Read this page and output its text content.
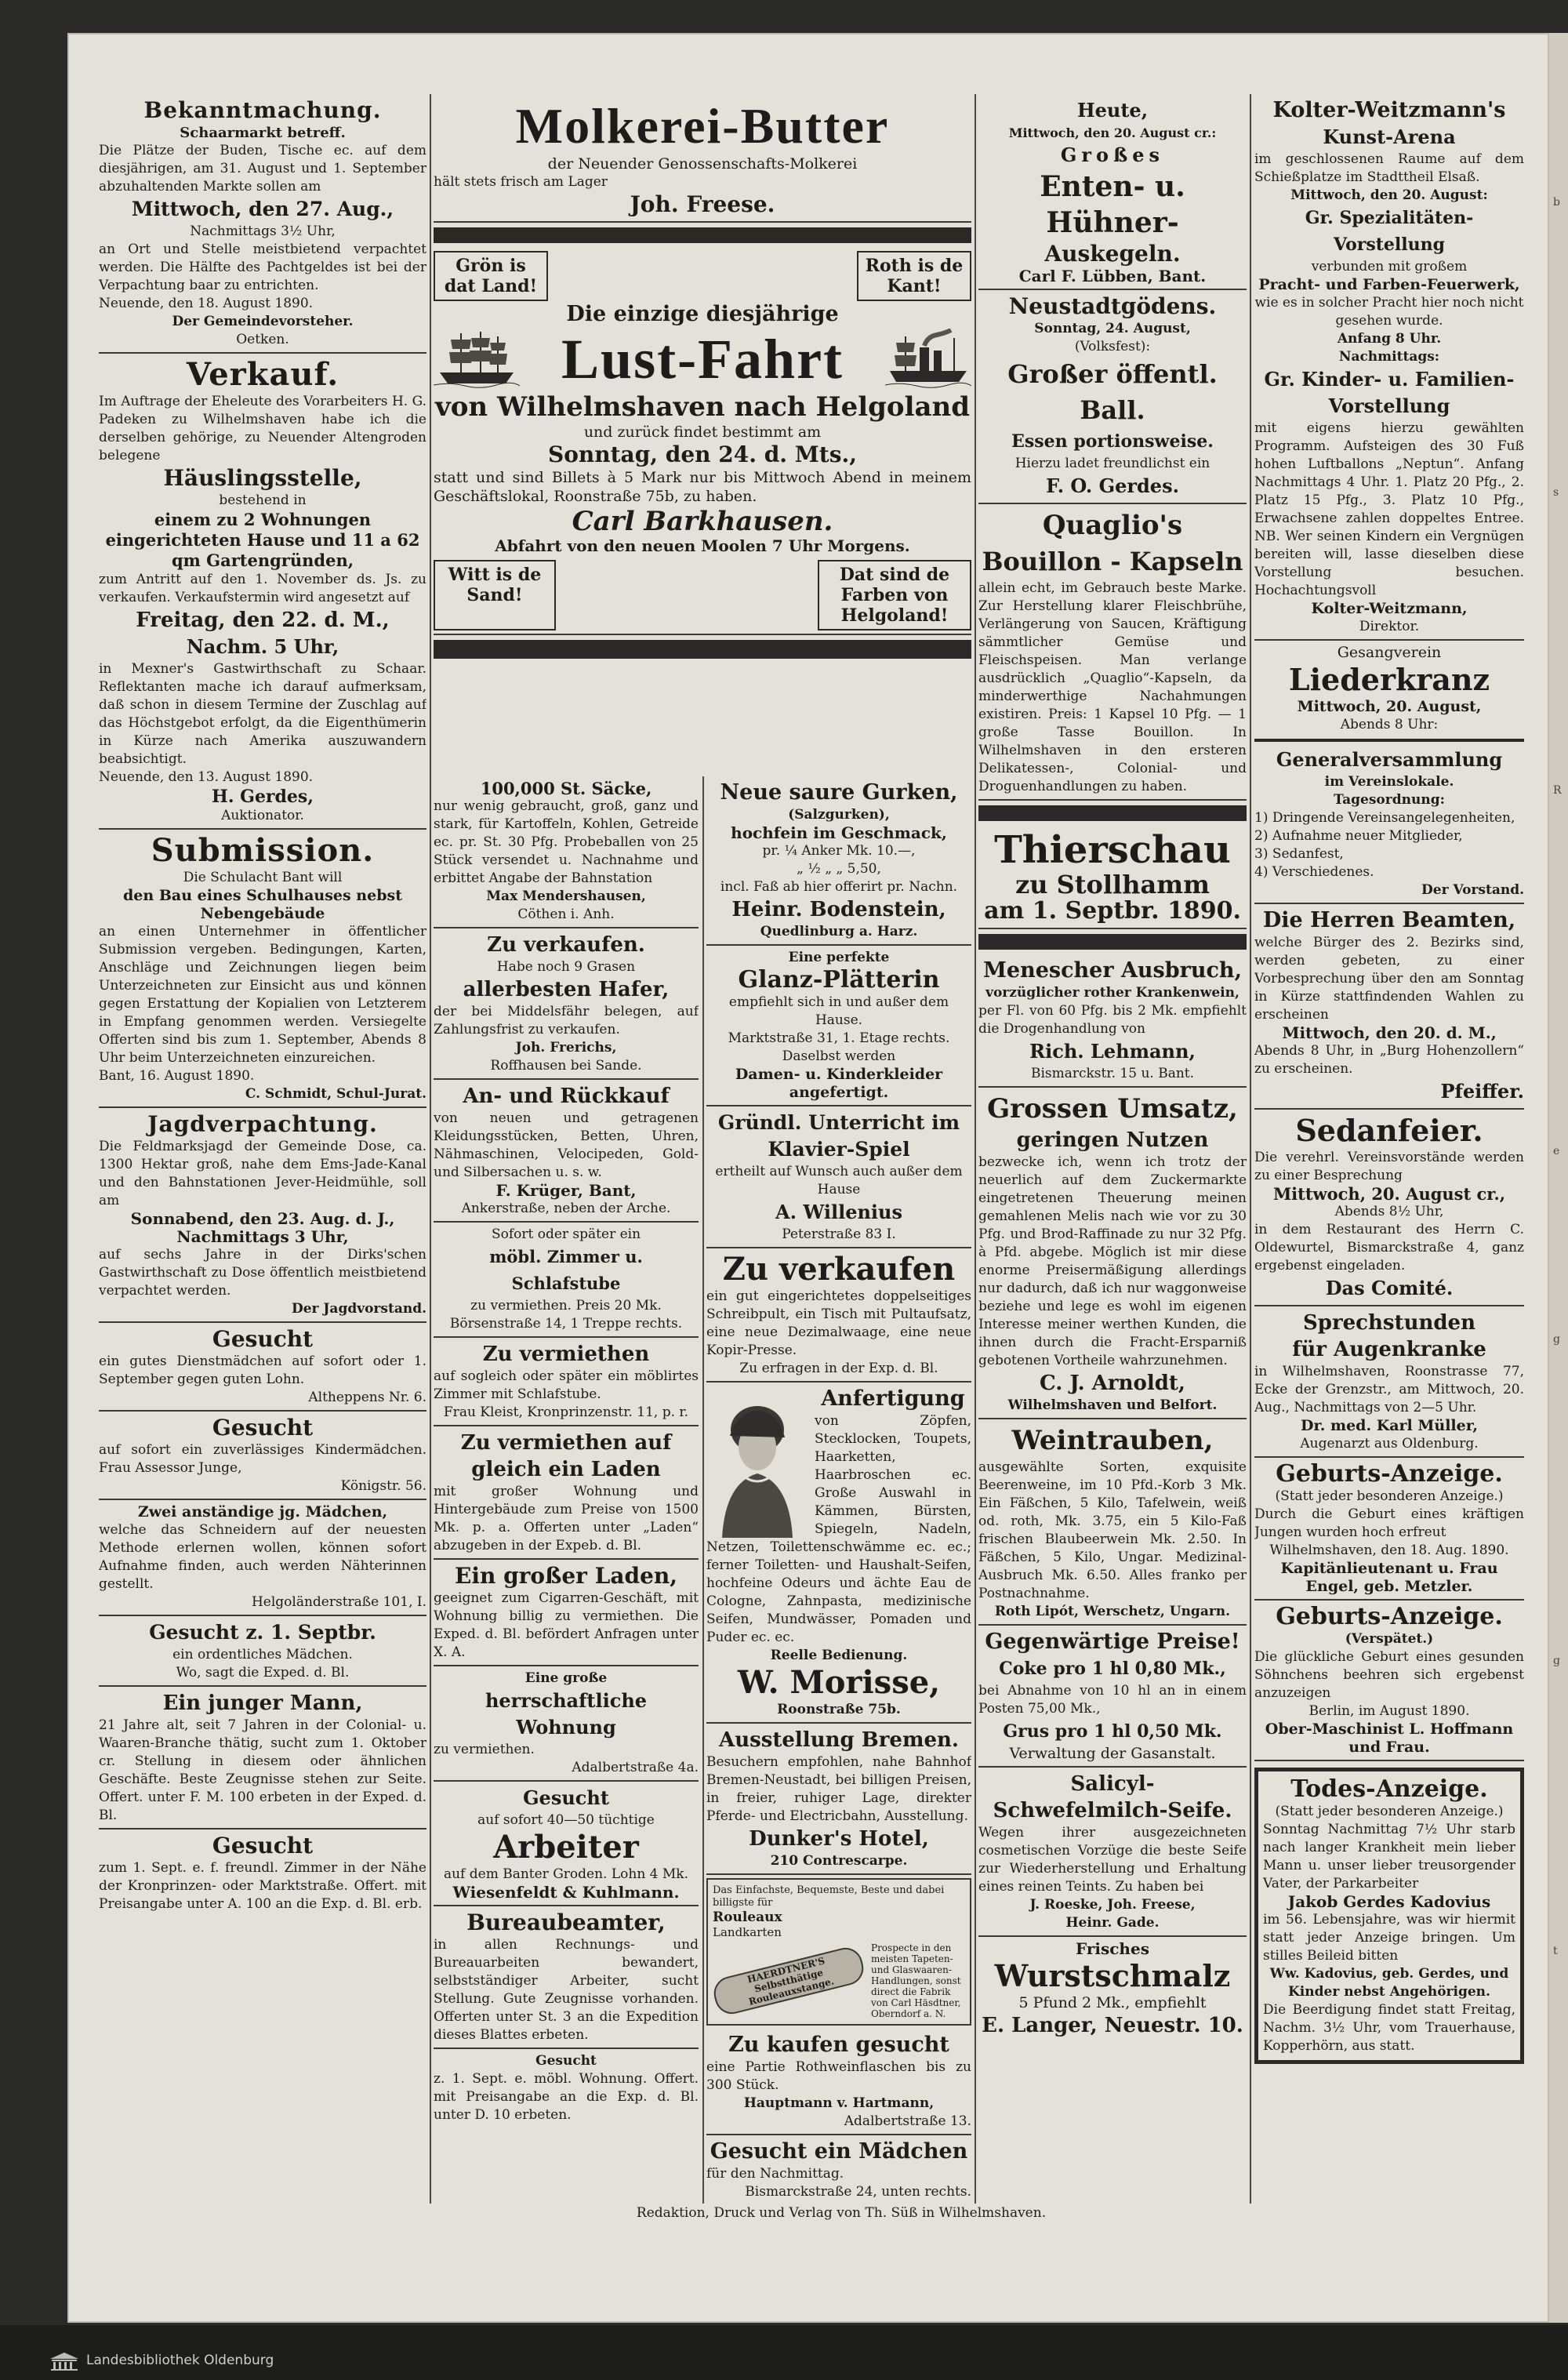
Bekanntmachung.
Schaarmarkt betreff.
Die Plätze der Buden, Tische ec. auf dem diesjährigen, am 31. August und 1. September abzuhaltenden Markte sollen am
Mittwoch, den 27. Aug.,
Nachmittags 3½ Uhr,
an Ort und Stelle meistbietend verpachtet werden. Die Hälfte des Pachtgeldes ist bei der Verpachtung baar zu entrichten.
Neuende, den 18. August 1890.
Der Gemeindevorsteher.
Oetken.
Verkauf.
Im Auftrage der Eheleute des Vorarbeiters H. G. Padeken zu Wilhelmshaven habe ich die derselben gehörige, zu Neuender Altengroden belegene
Häuslingsstelle,
bestehend in
einem zu 2 Wohnungen eingerichteten Hause und 11 a 62 qm Gartengründen,
zum Antritt auf den 1. November ds. Js. zu verkaufen. Verkaufstermin wird angesetzt auf
Freitag, den 22. d. M.,
Nachm. 5 Uhr,
in Mexner's Gastwirthschaft zu Schaar. Reflektanten mache ich darauf aufmerksam, daß schon in diesem Termine der Zuschlag auf das Höchstgebot erfolgt, da die Eigenthümerin in Kürze nach Amerika auszuwandern beabsichtigt.
Neuende, den 13. August 1890.
H. Gerdes,
Auktionator.
Submission.
Die Schulacht Bant will
den Bau eines Schulhauses nebst Nebengebäude
an einen Unternehmer in öffentlicher Submission vergeben. Bedingungen, Karten, Anschläge und Zeichnungen liegen beim Unterzeichneten zur Einsicht aus und können gegen Erstattung der Kopialien von Letzterem in Empfang genommen werden. Versiegelte Offerten sind bis zum 1. September, Abends 8 Uhr beim Unterzeichneten einzureichen.
Bant, 16. August 1890.
C. Schmidt, Schul-Jurat.
Jagdverpachtung.
Die Feldmarksjagd der Gemeinde Dose, ca. 1300 Hektar groß, nahe dem Ems-Jade-Kanal und den Bahnstationen Jever-Heidmühle, soll am
Sonnabend, den 23. Aug. d. J., Nachmittags 3 Uhr,
auf sechs Jahre in der Dirks'schen Gastwirthschaft zu Dose öffentlich meistbietend verpachtet werden.
Der Jagdvorstand.
Gesucht
ein gutes Dienstmädchen auf sofort oder 1. September gegen guten Lohn.
Altheppens Nr. 6.
Gesucht
auf sofort ein zuverlässiges Kindermädchen. Frau Assessor Junge,
Königstr. 56.
Zwei anständige jg. Mädchen,
welche das Schneidern auf der neuesten Methode erlernen wollen, können sofort Aufnahme finden, auch werden Nähterinnen gestellt.
Helgoländerstraße 101, I.
Gesucht z. 1. Septbr.
ein ordentliches Mädchen.
Wo, sagt die Exped. d. Bl.
Ein junger Mann,
21 Jahre alt, seit 7 Jahren in der Colonial- u. Waaren-Branche thätig, sucht zum 1. Oktober cr. Stellung in diesem oder ähnlichen Geschäfte. Beste Zeugnisse stehen zur Seite. Offert. unter F. M. 100 erbeten in der Exped. d. Bl.
Gesucht
zum 1. Sept. e. f. freundl. Zimmer in der Nähe der Kronprinzen- oder Marktstraße. Offert. mit Preisangabe unter A. 100 an die Exp. d. Bl. erb.
Molkerei-Butter
der Neuender Genossenschafts-Molkerei
hält stets frisch am Lager
Joh. Freese.
Grön is dat Land!
Roth is de Kant!
Die einzige diesjährige
Lust-Fahrt
von Wilhelmshaven nach Helgoland
und zurück findet bestimmt am
Sonntag, den 24. d. Mts.,
statt und sind Billets à 5 Mark nur bis Mittwoch Abend in meinem Geschäftslokal, Roonstraße 75b, zu haben.
Carl Barkhausen.
Abfahrt von den neuen Moolen 7 Uhr Morgens.
Witt is de Sand!
Dat sind de Farben von Helgoland!
100,000 St. Säcke,
nur wenig gebraucht, groß, ganz und stark, für Kartoffeln, Kohlen, Getreide ec. pr. St. 30 Pfg. Probeballen von 25 Stück versendet u. Nachnahme und erbittet Angabe der Bahnstation
Max Mendershausen,
Cöthen i. Anh.
Zu verkaufen.
Habe noch 9 Grasen
allerbesten Hafer,
der bei Middelsfähr belegen, auf Zahlungsfrist zu verkaufen.
Joh. Frerichs,
Roffhausen bei Sande.
An- und Rückkauf
von neuen und getragenen Kleidungsstücken, Betten, Uhren, Nähmaschinen, Velocipeden, Gold- und Silbersachen u. s. w.
F. Krüger, Bant,
Ankerstraße, neben der Arche.
Sofort oder später ein
möbl. Zimmer u. Schlafstube
zu vermiethen. Preis 20 Mk.
Börsenstraße 14, 1 Treppe rechts.
Zu vermiethen
auf sogleich oder später ein möblirtes Zimmer mit Schlafstube.
Frau Kleist, Kronprinzenstr. 11, p. r.
Zu vermiethen auf gleich ein Laden
mit großer Wohnung und Hintergebäude zum Preise von 1500 Mk. p. a. Offerten unter „Laden“ abzugeben in der Expeb. d. Bl.
Ein großer Laden,
geeignet zum Cigarren-Geschäft, mit Wohnung billig zu vermiethen. Die Exped. d. Bl. befördert Anfragen unter X. A.
Eine große
herrschaftliche Wohnung
zu vermiethen.
Adalbertstraße 4a.
Gesucht
auf sofort 40—50 tüchtige
Arbeiter
auf dem Banter Groden. Lohn 4 Mk.
Wiesenfeldt & Kuhlmann.
Bureaubeamter,
in allen Rechnungs- und Bureauarbeiten bewandert, selbstständiger Arbeiter, sucht Stellung. Gute Zeugnisse vorhanden. Offerten unter St. 3 an die Expedition dieses Blattes erbeten.
Gesucht
z. 1. Sept. e. möbl. Wohnung. Offert. mit Preisangabe an die Exp. d. Bl. unter D. 10 erbeten.
Neue saure Gurken,
(Salzgurken),
hochfein im Geschmack,
pr. ¼ Anker Mk. 10.—,
„ ½ „ „ 5,50,
incl. Faß ab hier offerirt pr. Nachn.
Heinr. Bodenstein,
Quedlinburg a. Harz.
Eine perfekte
Glanz-Plätterin
empfiehlt sich in und außer dem Hause.
Marktstraße 31, 1. Etage rechts.
Daselbst werden
Damen- u. Kinderkleider angefertigt.
Gründl. Unterricht im Klavier-Spiel
ertheilt auf Wunsch auch außer dem Hause
A. Willenius
Peterstraße 83 I.
Zu verkaufen
ein gut eingerichtetes doppelseitiges Schreibpult, ein Tisch mit Pultaufsatz, eine neue Dezimalwaage, eine neue Kopir-Presse.
Zu erfragen in der Exp. d. Bl.
Anfertigung
von Zöpfen, Stecklocken, Toupets, Haarketten, Haarbroschen ec. Große Auswahl in Kämmen, Bürsten, Spiegeln, Nadeln, Netzen, Toilettenschwämme ec. ec.; ferner Toiletten- und Haushalt-Seifen, hochfeine Odeurs und ächte Eau de Cologne, Zahnpasta, medizinische Seifen, Mundwässer, Pomaden und Puder ec. ec.
Reelle Bedienung.
W. Morisse,
Roonstraße 75b.
Ausstellung Bremen.
Besuchern empfohlen, nahe Bahnhof Bremen-Neustadt, bei billigen Preisen, in freier, ruhiger Lage, direkter Pferde- und Electricbahn, Ausstellung.
Dunker's Hotel,
210 Contrescarpe.
Das Einfachste, Bequemste, Beste und dabei billigste für
Rouleaux
Landkarten
HAERDTNER'S Selbstthätige Rouleauxstange.
Prospecte in den meisten Tapeten- und Glaswaaren-Handlungen, sonst direct die Fabrik von Carl Häsdtner, Oberndorf a. N.
Zu kaufen gesucht
eine Partie Rothweinflaschen bis zu 300 Stück.
Hauptmann v. Hartmann,
Adalbertstraße 13.
Gesucht ein Mädchen
für den Nachmittag.
Bismarckstraße 24, unten rechts.
Heute,
Mittwoch, den 20. August cr.:
Großes
Enten- u. Hühner-
Auskegeln.
Carl F. Lübben, Bant.
Neustadtgödens.
Sonntag, 24. August,
(Volksfest):
Großer öffentl. Ball.
Essen portionsweise.
Hierzu ladet freundlichst ein
F. O. Gerdes.
Quaglio's
Bouillon - Kapseln
allein echt, im Gebrauch beste Marke. Zur Herstellung klarer Fleischbrühe, Verlängerung von Saucen, Kräftigung sämmtlicher Gemüse und Fleischspeisen. Man verlange ausdrücklich „Quaglio“-Kapseln, da minderwerthige Nachahmungen existiren. Preis: 1 Kapsel 10 Pfg. — 1 große Tasse Bouillon. In Wilhelmshaven in den ersteren Delikatessen-, Colonial- und Droguenhandlungen zu haben.
Thierschau
zu Stollhamm
am 1. Septbr. 1890.
Menescher Ausbruch,
vorzüglicher rother Krankenwein,
per Fl. von 60 Pfg. bis 2 Mk. empfiehlt die Drogenhandlung von
Rich. Lehmann,
Bismarckstr. 15 u. Bant.
Grossen Umsatz,
geringen Nutzen
bezwecke ich, wenn ich trotz der neuerlich auf dem Zuckermarkte eingetretenen Theuerung meinen gemahlenen Melis nach wie vor zu 30 Pfg. und Brod-Raffinade zu nur 32 Pfg. à Pfd. abgebe. Möglich ist mir diese enorme Preisermäßigung allerdings nur dadurch, daß ich nur waggonweise beziehe und lege es wohl im eigenen Interesse meiner werthen Kunden, die ihnen durch die Fracht-Ersparniß gebotenen Vortheile wahrzunehmen.
C. J. Arnoldt,
Wilhelmshaven und Belfort.
Weintrauben,
ausgewählte Sorten, exquisite Beerenweine, im 10 Pfd.-Korb 3 Mk. Ein Fäßchen, 5 Kilo, Tafelwein, weiß od. roth, Mk. 3.75, ein 5 Kilo-Faß frischen Blaubeerwein Mk. 2.50. In Fäßchen, 5 Kilo, Ungar. Medizinal-Ausbruch Mk. 6.50. Alles franko per Postnachnahme.
Roth Lipót, Werschetz, Ungarn.
Gegenwärtige Preise!
Coke pro 1 hl 0,80 Mk.,
bei Abnahme von 10 hl an in einem Posten 75,00 Mk.,
Grus pro 1 hl 0,50 Mk.
Verwaltung der Gasanstalt.
Salicyl-
Schwefelmilch-Seife.
Wegen ihrer ausgezeichneten cosmetischen Vorzüge die beste Seife zur Wiederherstellung und Erhaltung eines reinen Teints. Zu haben bei
J. Roeske, Joh. Freese,
Heinr. Gade.
Frisches
Wurstschmalz
5 Pfund 2 Mk., empfiehlt
E. Langer, Neuestr. 10.
Kolter-Weitzmann's
Kunst-Arena
im geschlossenen Raume auf dem Schießplatze im Stadttheil Elsaß.
Mittwoch, den 20. August:
Gr. Spezialitäten-Vorstellung
verbunden mit großem
Pracht- und Farben-Feuerwerk,
wie es in solcher Pracht hier noch nicht gesehen wurde.
Anfang 8 Uhr.
Nachmittags:
Gr. Kinder- u. Familien-Vorstellung
mit eigens hierzu gewählten Programm. Aufsteigen des 30 Fuß hohen Luftballons „Neptun“. Anfang Nachmittags 4 Uhr. 1. Platz 20 Pfg., 2. Platz 15 Pfg., 3. Platz 10 Pfg., Erwachsene zahlen doppeltes Entree. NB. Wer seinen Kindern ein Vergnügen bereiten will, lasse dieselben diese Vorstellung besuchen. Hochachtungsvoll
Kolter-Weitzmann,
Direktor.
Gesangverein
Liederkranz
Mittwoch, 20. August,
Abends 8 Uhr:
Generalversammlung
im Vereinslokale.
Tagesordnung:
1) Dringende Vereinsangelegenheiten,
2) Aufnahme neuer Mitglieder,
3) Sedanfest,
4) Verschiedenes.
Der Vorstand.
Die Herren Beamten,
welche Bürger des 2. Bezirks sind, werden gebeten, zu einer Vorbesprechung über den am Sonntag in Kürze stattfindenden Wahlen zu erscheinen
Mittwoch, den 20. d. M.,
Abends 8 Uhr, in „Burg Hohenzollern“ zu erscheinen.
Pfeiffer.
Sedanfeier.
Die verehrl. Vereinsvorstände werden zu einer Besprechung
Mittwoch, 20. August cr.,
Abends 8½ Uhr,
in dem Restaurant des Herrn C. Oldewurtel, Bismarckstraße 4, ganz ergebenst eingeladen.
Das Comité.
Sprechstunden
für Augenkranke
in Wilhelmshaven, Roonstrasse 77, Ecke der Grenzstr., am Mittwoch, 20. Aug., Nachmittags von 2—5 Uhr.
Dr. med. Karl Müller,
Augenarzt aus Oldenburg.
Geburts-Anzeige.
(Statt jeder besonderen Anzeige.)
Durch die Geburt eines kräftigen Jungen wurden hoch erfreut
Wilhelmshaven, den 18. Aug. 1890.
Kapitänlieutenant u. Frau Engel, geb. Metzler.
Geburts-Anzeige.
(Verspätet.)
Die glückliche Geburt eines gesunden Söhnchens beehren sich ergebenst anzuzeigen
Berlin, im August 1890.
Ober-Maschinist L. Hoffmann und Frau.
Todes-Anzeige.
(Statt jeder besonderen Anzeige.)
Sonntag Nachmittag 7½ Uhr starb nach langer Krankheit mein lieber Mann u. unser lieber treusorgender Vater, der Parkarbeiter
Jakob Gerdes Kadovius
im 56. Lebensjahre, was wir hiermit statt jeder Anzeige bringen. Um stilles Beileid bitten
Ww. Kadovius, geb. Gerdes, und Kinder nebst Angehörigen.
Die Beerdigung findet statt Freitag, Nachm. 3½ Uhr, vom Trauerhause, Kopperhörn, aus statt.
Redaktion, Druck und Verlag von Th. Süß in Wilhelmshaven.
b
s
R
e
g
g
t
Landesbibliothek Oldenburg
